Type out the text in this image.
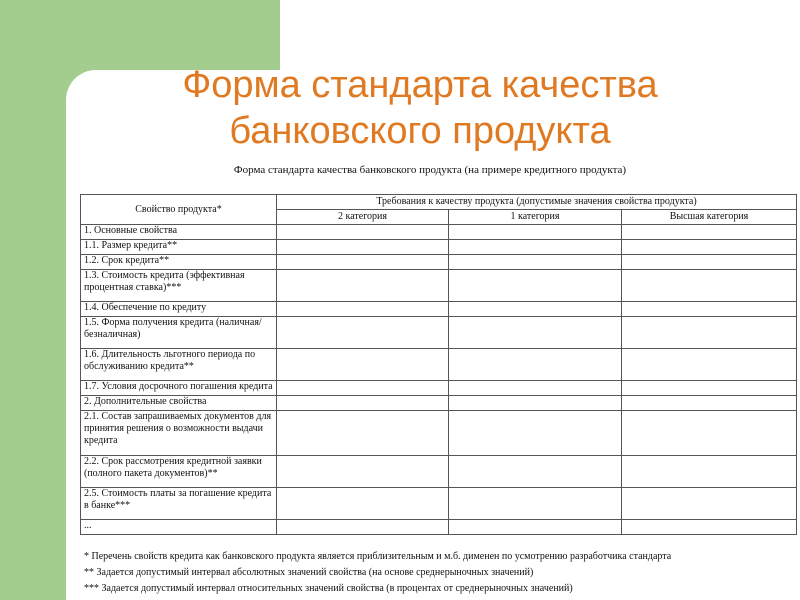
Форма стандарта качества
банковского продукта
Форма стандарта качества банковского продукта (на примере кредитного продукта)
Свойство продукта*	Требования к качеству продукта (допустимые значения свойства продукта)		
	2 категория	1 категория	Высшая категория
1. Основные свойства			
1.1. Размер кредита**			
1.2. Срок кредита**			
1.3. Стоимость кредита (эффективная процентная ставка)***			
1.4. Обеспечение по кредиту			
1.5. Форма получения кредита (наличная/безналичная)			
1.6. Длительность льготного периода по обслуживанию кредита**			
1.7. Условия досрочного погашения кредита			
2. Дополнительные свойства			
2.1. Состав запрашиваемых документов для принятия решения о возможности выдачи кредита			
2.2. Срок рассмотрения кредитной заявки (полного пакета документов)**			
2.5. Стоимость платы за погашение кредита в банке***			
...			
* Перечень свойств кредита как банковского продукта является приблизительным и м.б. дименен по усмотрению разработчика стандарта
** Задается допустимый интервал абсолютных значений свойства (на основе среднерыночных значений)
*** Задается допустимый интервал относительных значений свойства (в процентах от среднерыночных значений)
